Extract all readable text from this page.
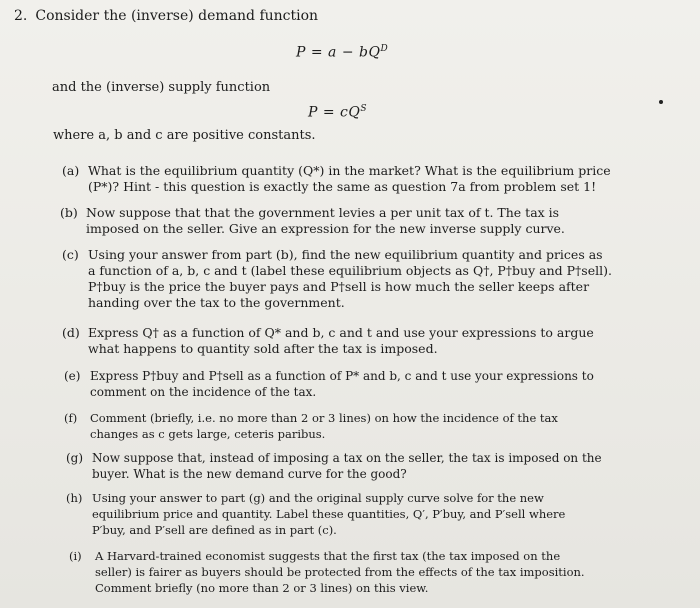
2. Consider the (inverse) demand function
$P = a - bQ^D$
and the (inverse) supply function
$P = cQ^S$
where a, b and c are positive constants.
(a) What is the equilibrium quantity (Q*) in the market? What is the equilibrium price (P*)? Hint - this question is exactly the same as question 7a from problem set 1!
(b) Now suppose that that the government levies a per unit tax of t. The tax is imposed on the seller. Give an expression for the new inverse supply curve.
(c) Using your answer from part (b), find the new equilibrium quantity and prices as a function of a, b, c and t (label these equilibrium objects as Q†, P†buy and P†sell). P†buy is the price the buyer pays and P†sell is how much the seller keeps after handing over the tax to the government.
(d) Express Q† as a function of Q* and b, c and t and use your expressions to argue what happens to quantity sold after the tax is imposed.
(e) Express P†buy and P†sell as a function of P* and b, c and t use your expressions to comment on the incidence of the tax.
(f) Comment (briefly, i.e. no more than 2 or 3 lines) on how the incidence of the tax changes as c gets large, ceteris paribus.
(g) Now suppose that, instead of imposing a tax on the seller, the tax is imposed on the buyer. What is the new demand curve for the good?
(h) Using your answer to part (g) and the original supply curve solve for the new equilibrium price and quantity. Label these quantities, Q′, P′buy, and P′sell where P′buy, and P′sell are defined as in part (c).
(i) A Harvard-trained economist suggests that the first tax (the tax imposed on the seller) is fairer as buyers should be protected from the effects of the tax imposition. Comment briefly (no more than 2 or 3 lines) on this view.
